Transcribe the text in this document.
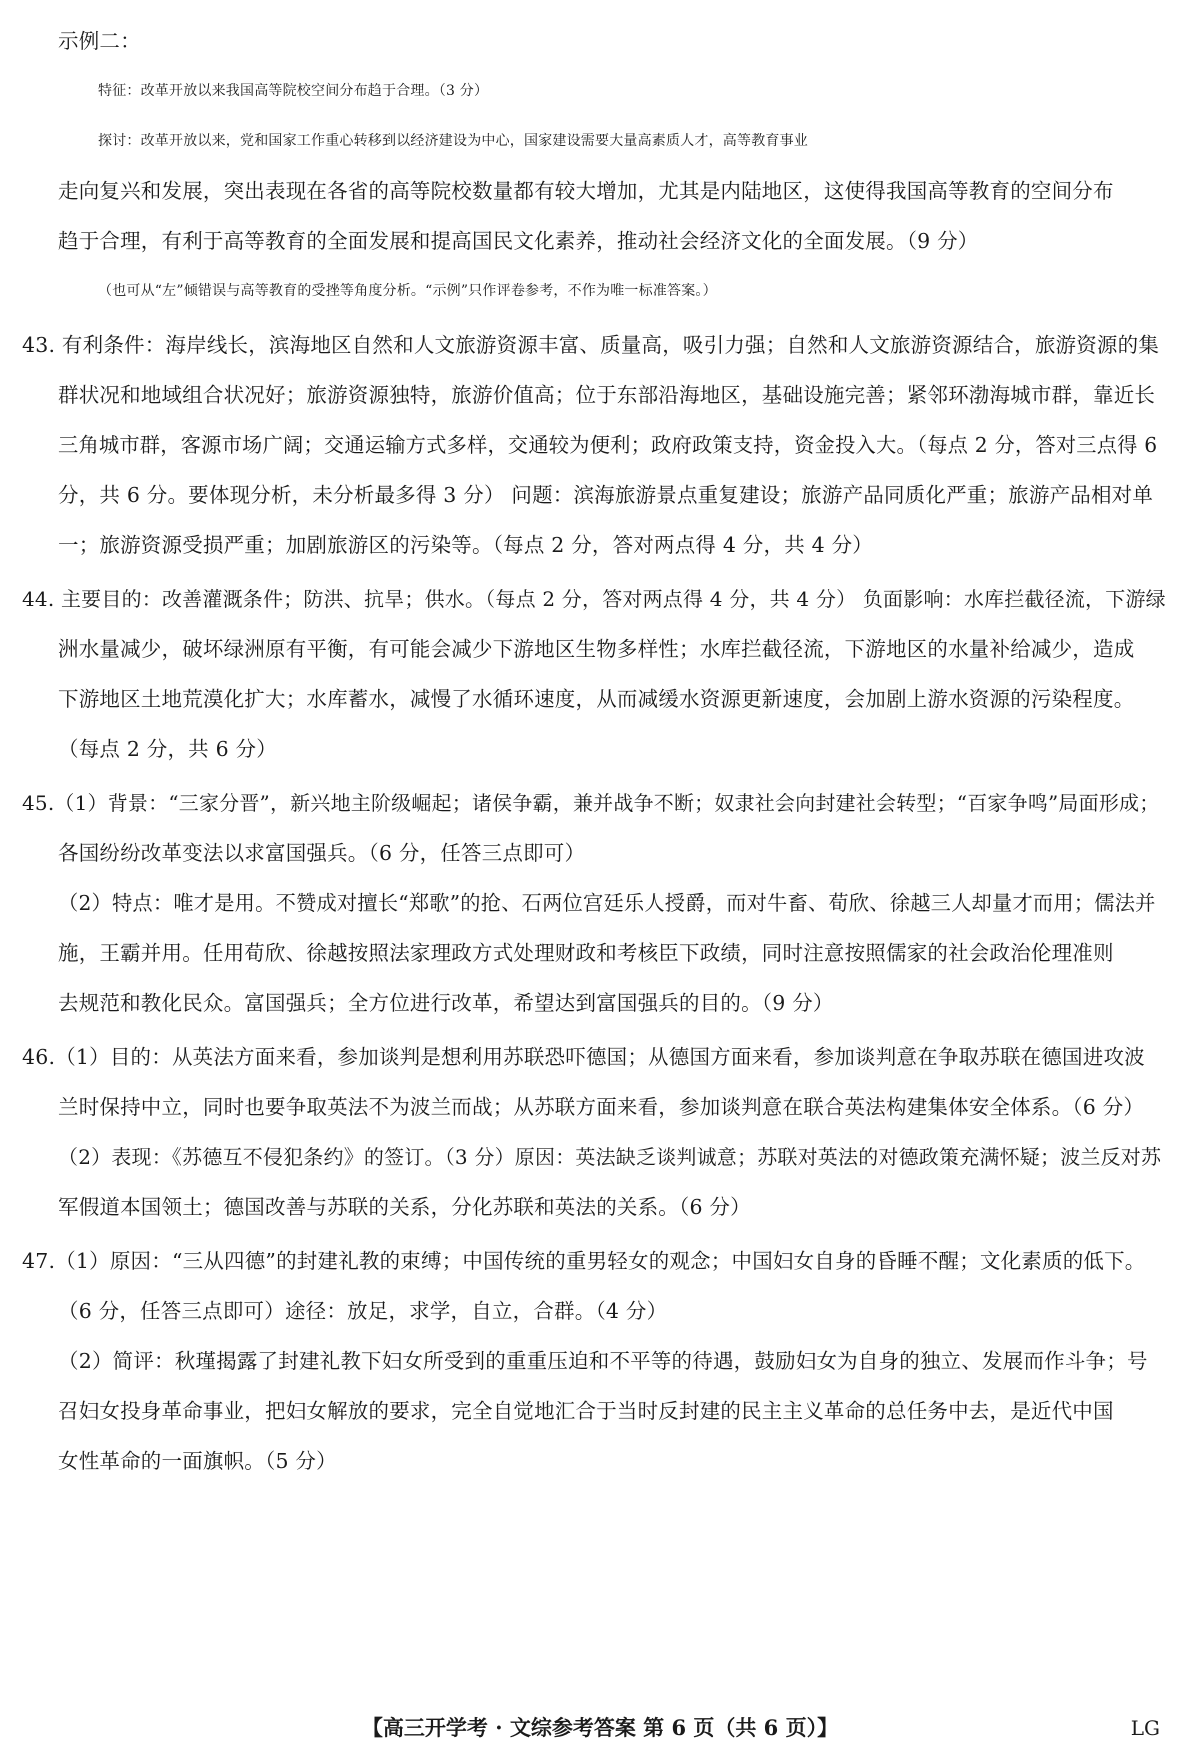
示例二：
特征：改革开放以来我国高等院校空间分布趋于合理。（3 分）
探讨：改革开放以来，党和国家工作重心转移到以经济建设为中心，国家建设需要大量高素质人才，高等教育事业
走向复兴和发展，突出表现在各省的高等院校数量都有较大增加，尤其是内陆地区，这使得我国高等教育的空间分布
趋于合理，有利于高等教育的全面发展和提高国民文化素养，推动社会经济文化的全面发展。（9 分）
（也可从“左”倾错误与高等教育的受挫等角度分析。“示例”只作评卷参考，不作为唯一标准答案。）
43. 有利条件：海岸线长，滨海地区自然和人文旅游资源丰富、质量高，吸引力强；自然和人文旅游资源结合，旅游资源的集
群状况和地域组合状况好；旅游资源独特，旅游价值高；位于东部沿海地区，基础设施完善；紧邻环渤海城市群，靠近长
三角城市群，客源市场广阔；交通运输方式多样，交通较为便利；政府政策支持，资金投入大。（每点 2 分，答对三点得 6
分，共 6 分。要体现分析，未分析最多得 3 分） 问题：滨海旅游景点重复建设；旅游产品同质化严重；旅游产品相对单
一；旅游资源受损严重；加剧旅游区的污染等。（每点 2 分，答对两点得 4 分，共 4 分）
44. 主要目的：改善灌溉条件；防洪、抗旱；供水。（每点 2 分，答对两点得 4 分，共 4 分） 负面影响：水库拦截径流，下游绿
洲水量减少，破坏绿洲原有平衡，有可能会减少下游地区生物多样性；水库拦截径流，下游地区的水量补给减少，造成
下游地区土地荒漠化扩大；水库蓄水，减慢了水循环速度，从而减缓水资源更新速度，会加剧上游水资源的污染程度。
（每点 2 分，共 6 分）
45.（1）背景：“三家分晋”，新兴地主阶级崛起；诸侯争霸，兼并战争不断；奴隶社会向封建社会转型；“百家争鸣”局面形成；
各国纷纷改革变法以求富国强兵。（6 分，任答三点即可）
（2）特点：唯才是用。不赞成对擅长“郑歌”的抢、石两位宫廷乐人授爵，而对牛畜、荀欣、徐越三人却量才而用；儒法并
施，王霸并用。任用荀欣、徐越按照法家理政方式处理财政和考核臣下政绩，同时注意按照儒家的社会政治伦理准则
去规范和教化民众。富国强兵；全方位进行改革，希望达到富国强兵的目的。（9 分）
46.（1）目的：从英法方面来看，参加谈判是想利用苏联恐吓德国；从德国方面来看，参加谈判意在争取苏联在德国进攻波
兰时保持中立，同时也要争取英法不为波兰而战；从苏联方面来看，参加谈判意在联合英法构建集体安全体系。（6 分）
（2）表现：《苏德互不侵犯条约》的签订。（3 分）原因：英法缺乏谈判诚意；苏联对英法的对德政策充满怀疑；波兰反对苏
军假道本国领土；德国改善与苏联的关系，分化苏联和英法的关系。（6 分）
47.（1）原因：“三从四德”的封建礼教的束缚；中国传统的重男轻女的观念；中国妇女自身的昏睡不醒；文化素质的低下。
（6 分，任答三点即可）途径：放足，求学，自立，合群。（4 分）
（2）简评：秋瑾揭露了封建礼教下妇女所受到的重重压迫和不平等的待遇，鼓励妇女为自身的独立、发展而作斗争；号
召妇女投身革命事业，把妇女解放的要求，完全自觉地汇合于当时反封建的民主主义革命的总任务中去，是近代中国
女性革命的一面旗帜。（5 分）
【高三开学考 · 文综参考答案 第 6 页（共 6 页）】	LG
